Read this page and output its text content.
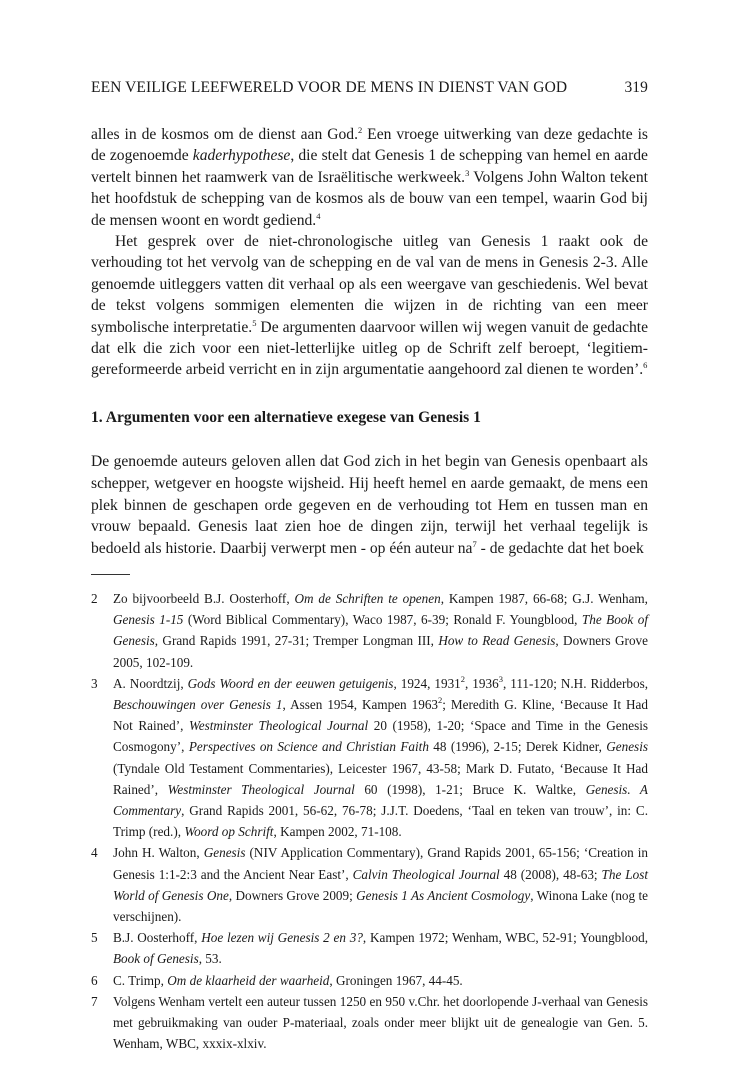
EEN VEILIGE LEEFWERELD VOOR DE MENS IN DIENST VAN GOD	319

alles in de kosmos om de dienst aan God.$^2$ Een vroege uitwerking van deze gedachte is de zogenoemde kaderhypothese, die stelt dat Genesis 1 de schepping van hemel en aarde vertelt binnen het raamwerk van de Israëlitische werkweek.$^3$ Volgens John Walton tekent het hoofdstuk de schepping van de kosmos als de bouw van een tempel, waarin God bij de mensen woont en wordt gediend.$^4$

Het gesprek over de niet-chronologische uitleg van Genesis 1 raakt ook de verhouding tot het vervolg van de schepping en de val van de mens in Genesis 2-3. Alle genoemde uitleggers vatten dit verhaal op als een weergave van geschiedenis. Wel bevat de tekst volgens sommigen elementen die wijzen in de richting van een meer symbolische interpretatie.$^5$ De argumenten daarvoor willen wij wegen vanuit de gedachte dat elk die zich voor een niet-letterlijke uitleg op de Schrift zelf beroept, ‘legitiem-gereformeerde arbeid verricht en in zijn argumentatie aangehoord zal dienen te worden’.$^6$

1. Argumenten voor een alternatieve exegese van Genesis 1

De genoemde auteurs geloven allen dat God zich in het begin van Genesis openbaart als schepper, wetgever en hoogste wijsheid. Hij heeft hemel en aarde gemaakt, de mens een plek binnen de geschapen orde gegeven en de verhouding tot Hem en tussen man en vrouw bepaald. Genesis laat zien hoe de dingen zijn, terwijl het verhaal tegelijk is bedoeld als historie. Daarbij verwerpt men - op één auteur $na^7$ - de gedachte dat het boek

2	Zo bijvoorbeeld B.J. Oosterhoff, Om de Schriften te openen, Kampen 1987, 66-68; G.J. Wenham, Genesis 1-15 (Word Biblical Commentary), Waco 1987, 6-39; Ronald F. Youngblood, The Book of Genesis, Grand Rapids 1991, 27-31; Tremper Longman III, How to Read Genesis, Downers Grove 2005, 102-109.
3	A. Noordtzij, Gods Woord en der eeuwen getuigenis, 1924, 1931$^2$, 1936$^3$, 111-120; N.H. Ridderbos, Beschouwingen over Genesis 1, Assen 1954, Kampen 1963$^2$; Meredith G. Kline, ‘Because It Had Not Rained’, Westminster Theological Journal 20 (1958), 1-20; ‘Space and Time in the Genesis Cosmogony’, Perspectives on Science and Christian Faith 48 (1996), 2-15; Derek Kidner, Genesis (Tyndale Old Testament Commentaries), Leicester 1967, 43-58; Mark D. Futato, ‘Because It Had Rained’, Westminster Theological Journal 60 (1998), 1-21; Bruce K. Waltke, Genesis. A Commentary, Grand Rapids 2001, 56-62, 76-78; J.J.T. Doedens, ‘Taal en teken van trouw’, in: C. Trimp (red.), Woord op Schrift, Kampen 2002, 71-108.
4	John H. Walton, Genesis (NIV Application Commentary), Grand Rapids 2001, 65-156; ‘Creation in Genesis 1:1-2:3 and the Ancient Near East’, Calvin Theological Journal 48 (2008), 48-63; The Lost World of Genesis One, Downers Grove 2009; Genesis 1 As Ancient Cosmology, Winona Lake (nog te verschijnen).
5	B.J. Oosterhoff, Hoe lezen wij Genesis 2 en 3?, Kampen 1972; Wenham, WBC, 52-91; Youngblood, Book of Genesis, 53.
6	C. Trimp, Om de klaarheid der waarheid, Groningen 1967, 44-45.
7	Volgens Wenham vertelt een auteur tussen 1250 en 950 v.Chr. het doorlopende J-verhaal van Genesis met gebruikmaking van ouder P-materiaal, zoals onder meer blijkt uit de genealogie van Gen. 5. Wenham, WBC, xxxix-xlxiv.
